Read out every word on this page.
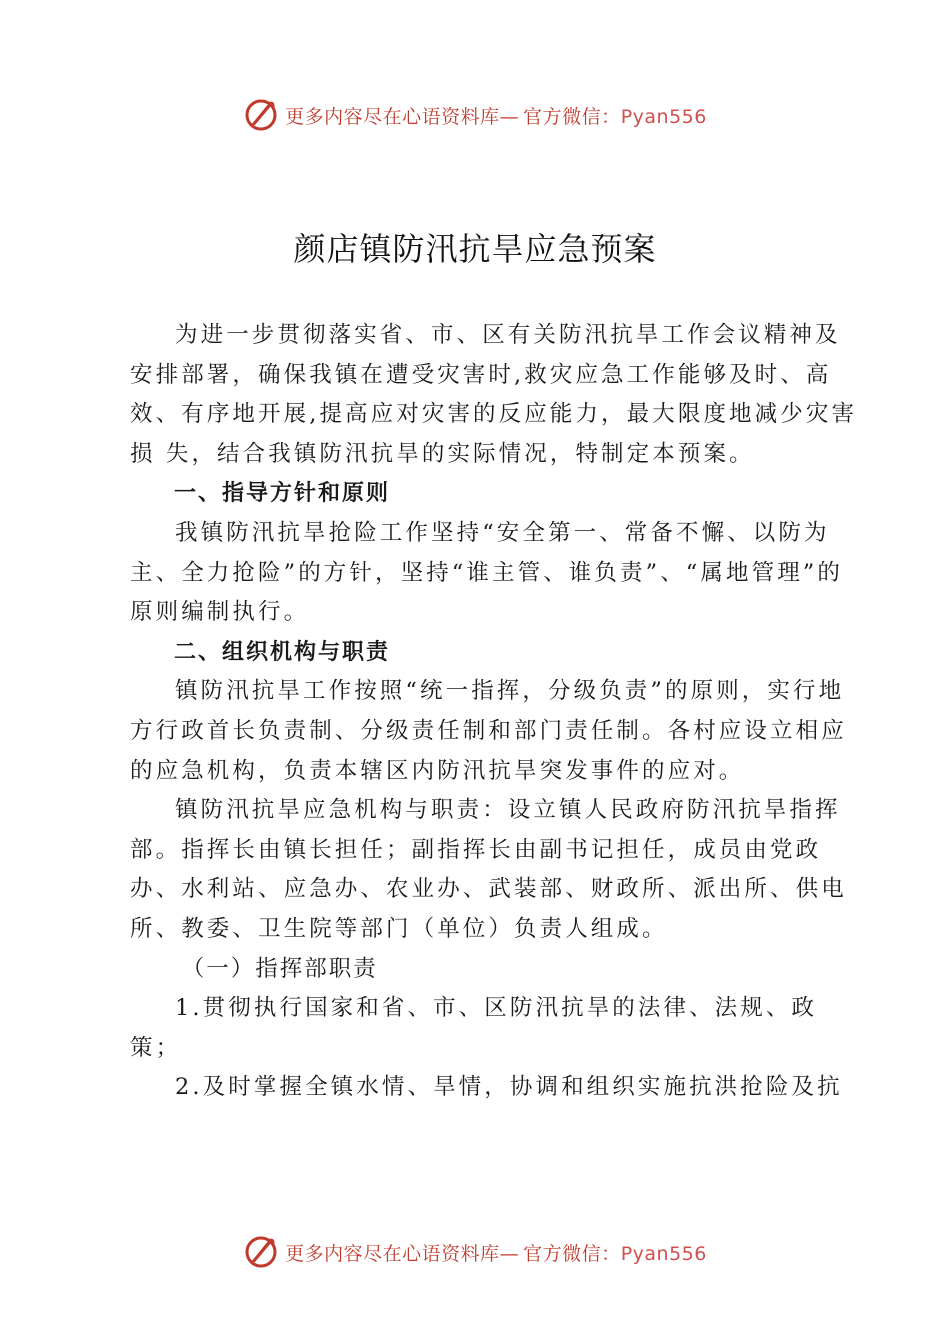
更多内容尽在心语资料库— 官方微信：Pyan556
颜店镇防汛抗旱应急预案

为进一步贯彻落实省、市、区有关防汛抗旱工作会议精神及 安排部署，确保我镇在遭受灾害时,救灾应急工作能够及时、高效、有序地开展,提高应对灾害的反应能力，最大限度地减少灾害损 失，结合我镇防汛抗旱的实际情况，特制定本预案。

一、指导方针和原则

我镇防汛抗旱抢险工作坚持“安全第一、常备不懈、以防为主、全力抢险”的方针，坚持“谁主管、谁负责”、“属地管理”的原则编制执行。

二、组织机构与职责

镇防汛抗旱工作按照“统一指挥，分级负责”的原则，实行地方行政首长负责制、分级责任制和部门责任制。各村应设立相应的应急机构，负责本辖区内防汛抗旱突发事件的应对。

镇防汛抗旱应急机构与职责：设立镇人民政府防汛抗旱指挥部。指挥长由镇长担任；副指挥长由副书记担任，成员由党政办、水利站、应急办、农业办、武装部、财政所、派出所、供电所、教委、卫生院等部门（单位）负责人组成。

（一）指挥部职责

1.贯彻执行国家和省、市、区防汛抗旱的法律、法规、政策；

2.及时掌握全镇水情、旱情，协调和组织实施抗洪抢险及抗

更多内容尽在心语资料库— 官方微信：Pyan556
